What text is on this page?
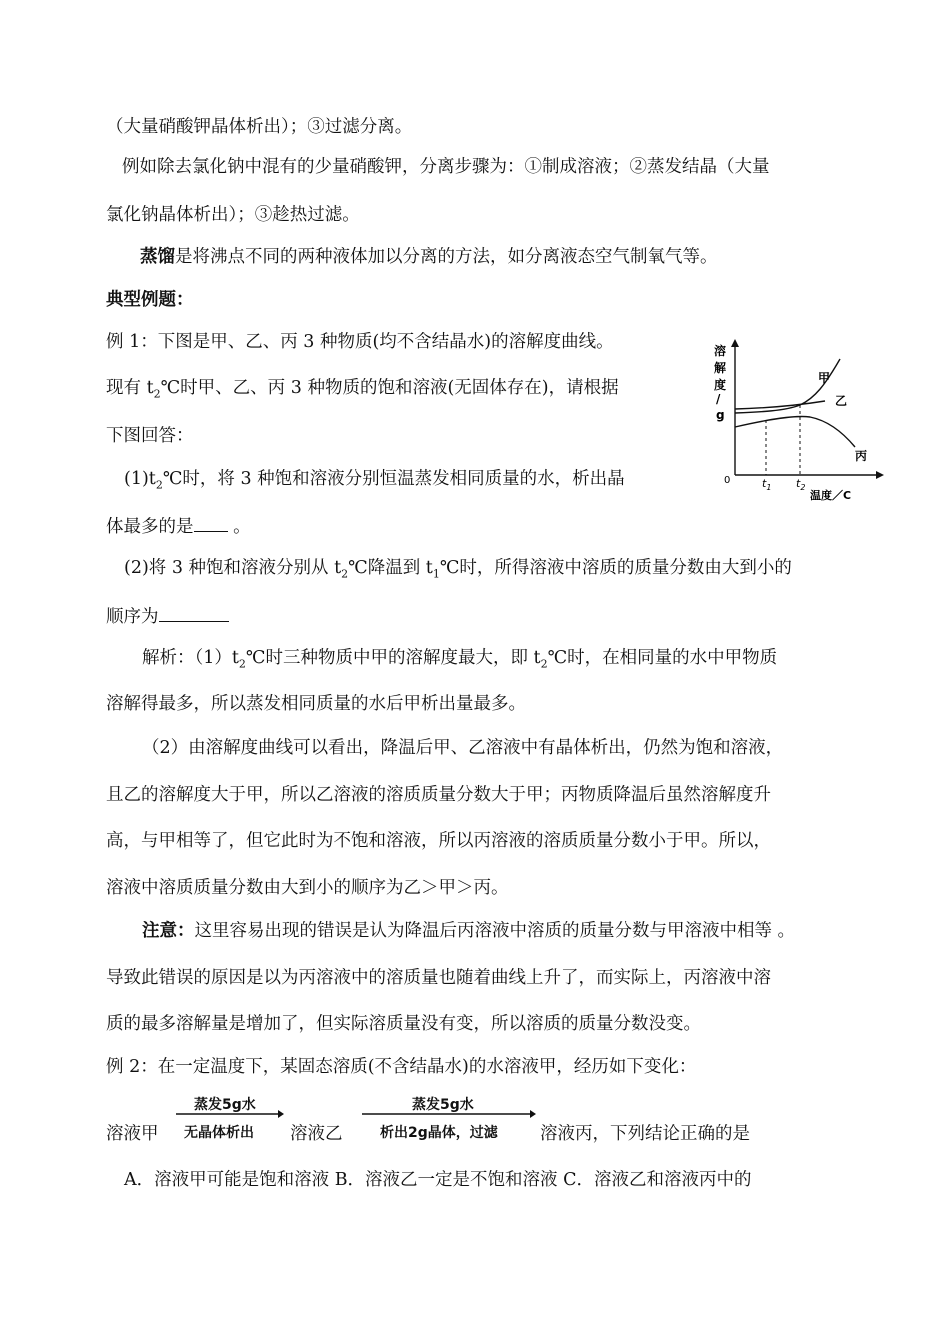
（大量硝酸钾晶体析出）；③过滤分离。
例如除去氯化钠中混有的少量硝酸钾，分离步骤为：①制成溶液；②蒸发结晶（大量
氯化钠晶体析出）；③趁热过滤。
蒸馏是将沸点不同的两种液体加以分离的方法，如分离液态空气制氧气等。
典型例题：
例 1：下图是甲、乙、丙 3 种物质(均不含结晶水)的溶解度曲线。
现有 $t_2℃$时甲、乙、丙 3 种物质的饱和溶液(无固体存在)，请根据
下图回答：
$(1)t_2℃$时，将 3 种饱和溶液分别恒温蒸发相同质量的水，析出晶
体最多的是 。
(2)将 3 种饱和溶液分别从 $t_2℃$降温到 $t_1℃$时，所得溶液中溶质的质量分数由大到小的
顺序为
解析：$(1)t_2℃$时三种物质中甲的溶解度最大，即 $t_2℃$时，在相同量的水中甲物质
溶解得最多，所以蒸发相同质量的水后甲析出量最多。
（2）由溶解度曲线可以看出，降温后甲、乙溶液中有晶体析出，仍然为饱和溶液，
且乙的溶解度大于甲，所以乙溶液的溶质质量分数大于甲；丙物质降温后虽然溶解度升
高，与甲相等了，但它此时为不饱和溶液，所以丙溶液的溶质质量分数小于甲。所以，
溶液中溶质质量分数由大到小的顺序为乙＞甲＞丙。
注意：这里容易出现的错误是认为降温后丙溶液中溶质的质量分数与甲溶液中相等 。
导致此错误的原因是以为丙溶液中的溶质量也随着曲线上升了，而实际上，丙溶液中溶
质的最多溶解量是增加了，但实际溶质量没有变，所以溶质的质量分数没变。
例 2：在一定温度下，某固态溶质(不含结晶水)的水溶液甲，经历如下变化：
溶液甲
蒸发5g水
无晶体析出 溶液乙
蒸发5g水
析出2g晶体，过滤 溶液丙，下列结论正确的是
A．溶液甲可能是饱和溶液 B．溶液乙一定是不饱和溶液 C．溶液乙和溶液丙中的
溶
解
度
/
g
甲
乙
丙
0	$t_1$ $t_2$
温度／C
